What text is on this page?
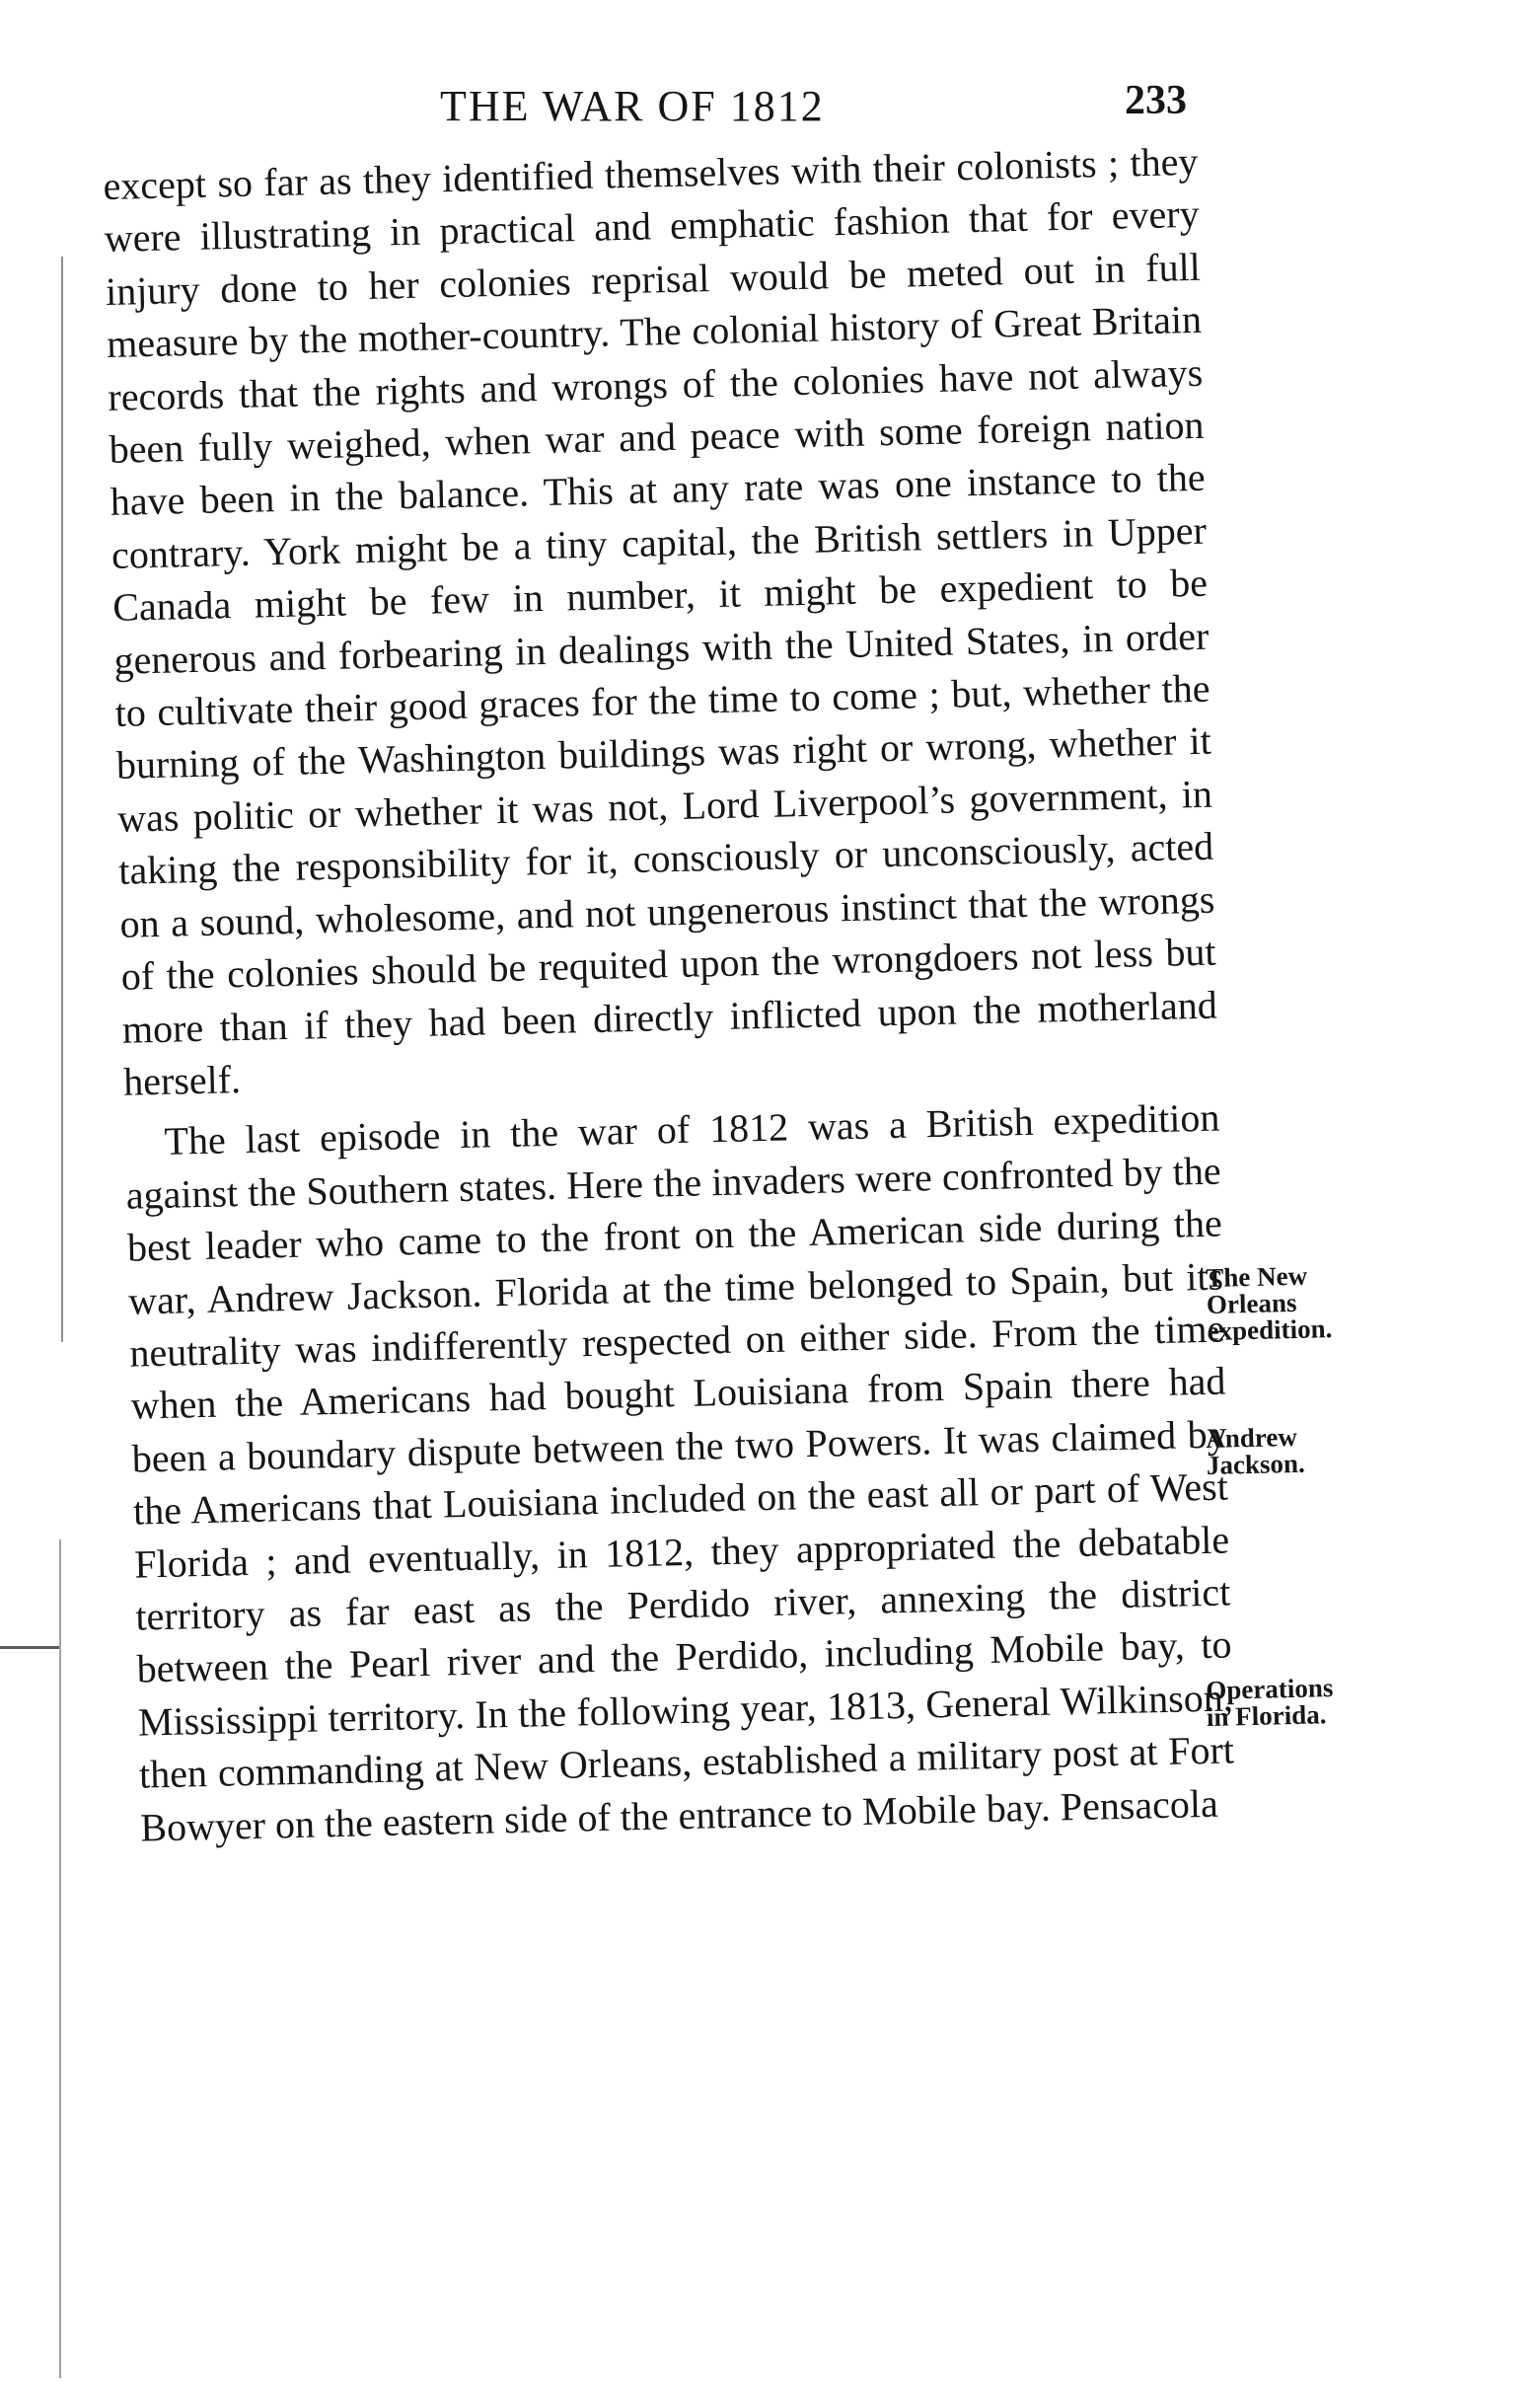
THE WAR OF 1812	233

except so far as they identified themselves with their colonists ; they were illustrating in practical and emphatic fashion that for every injury done to her colonies reprisal would be meted out in full measure by the mother-country. The colonial history of Great Britain records that the rights and wrongs of the colonies have not always been fully weighed, when war and peace with some foreign nation have been in the balance. This at any rate was one instance to the contrary. York might be a tiny capital, the British settlers in Upper Canada might be few in number, it might be expedient to be generous and forbearing in dealings with the United States, in order to cultivate their good graces for the time to come ; but, whether the burning of the Washington buildings was right or wrong, whether it was politic or whether it was not, Lord Liverpool’s government, in taking the responsibility for it, consciously or unconsciously, acted on a sound, wholesome, and not ungenerous instinct that the wrongs of the colonies should be requited upon the wrongdoers not less but more than if they had been directly inflicted upon the motherland herself.

The last episode in the war of 1812 was a British expedition against the Southern states. Here the invaders were confronted by the best leader who came to the front on the American side during the war, Andrew Jackson. Florida at the time belonged to Spain, but its neutrality was indifferently respected on either side. From the time when the Americans had bought Louisiana from Spain there had been a boundary dispute between the two Powers. It was claimed by the Americans that Louisiana included on the east all or part of West Florida ; and eventually, in 1812, they appropriated the debatable territory as far east as the Perdido river, annexing the district between the Pearl river and the Perdido, including Mobile bay, to Mississippi territory. In the following year, 1813, General Wilkinson, then commanding at New Orleans, established a military post at Fort Bowyer on the eastern side of the entrance to Mobile bay. Pensacola

The New Orleans expedition.
Andrew Jackson.
Operations in Florida.
